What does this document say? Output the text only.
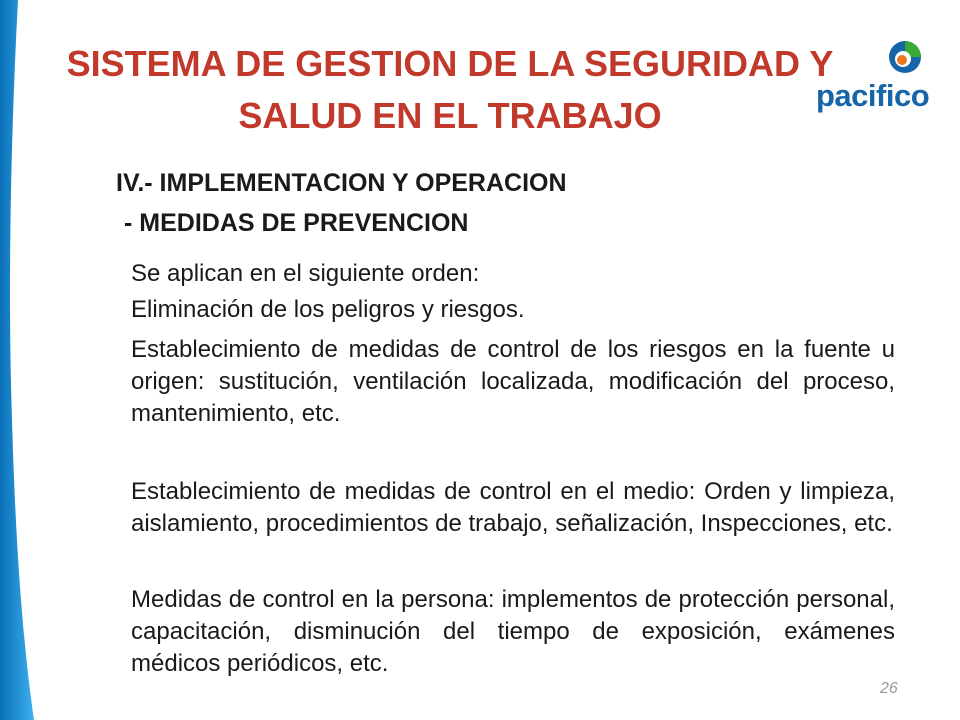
SISTEMA DE GESTION DE LA SEGURIDAD Y
SALUD EN EL TRABAJO	pacifico
IV.- IMPLEMENTACION Y OPERACION
- MEDIDAS DE PREVENCION

Se aplican en el siguiente orden:

Eliminación de los peligros y riesgos.

Establecimiento de medidas de control de los riesgos en la fuente u origen: sustitución, ventilación localizada, modificación del proceso, mantenimiento, etc.

Establecimiento de medidas de control en el medio: Orden y limpieza, aislamiento, procedimientos de trabajo, señalización, Inspecciones, etc.

Medidas de control en la persona: implementos de protección personal, capacitación, disminución del tiempo de exposición, exámenes médicos periódicos, etc.

26
